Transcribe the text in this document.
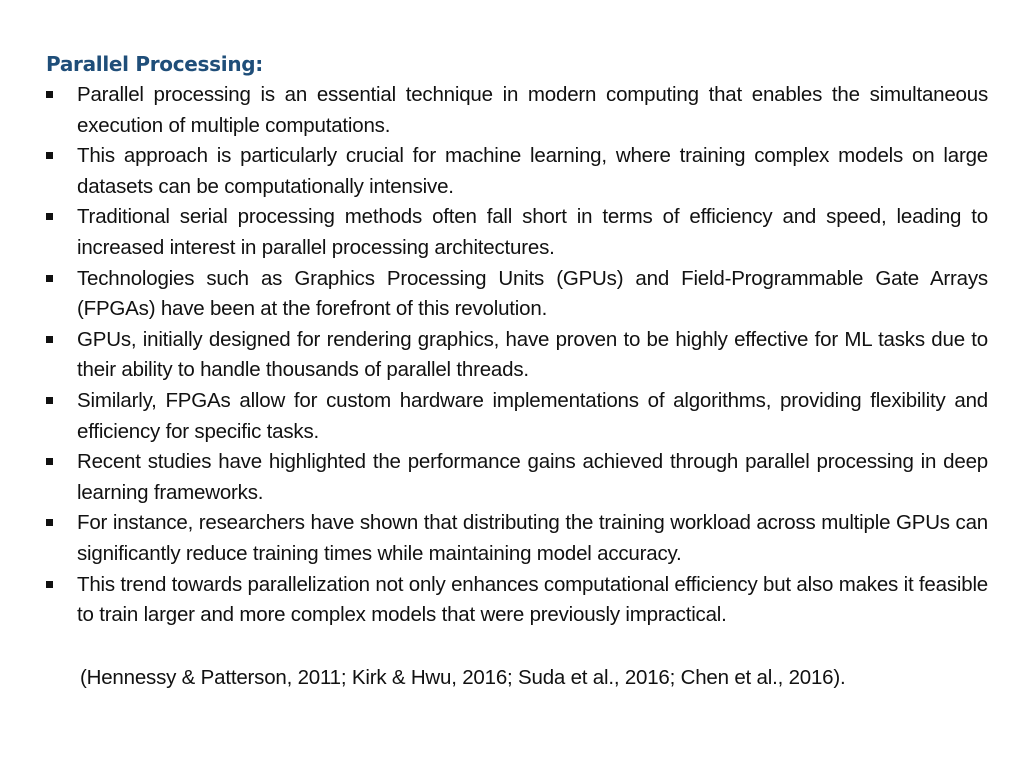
Parallel Processing:
Parallel processing is an essential technique in modern computing that enables the simultaneous execution of multiple computations.
This approach is particularly crucial for machine learning, where training complex models on large datasets can be computationally intensive.
Traditional serial processing methods often fall short in terms of efficiency and speed, leading to increased interest in parallel processing architectures.
Technologies such as Graphics Processing Units (GPUs) and Field-Programmable Gate Arrays (FPGAs) have been at the forefront of this revolution.
GPUs, initially designed for rendering graphics, have proven to be highly effective for ML tasks due to their ability to handle thousands of parallel threads.
Similarly, FPGAs allow for custom hardware implementations of algorithms, providing flexibility and efficiency for specific tasks.
Recent studies have highlighted the performance gains achieved through parallel processing in deep learning frameworks.
For instance, researchers have shown that distributing the training workload across multiple GPUs can significantly reduce training times while maintaining model accuracy.
This trend towards parallelization not only enhances computational efficiency but also makes it feasible to train larger and more complex models that were previously impractical.
(Hennessy & Patterson, 2011; Kirk & Hwu, 2016; Suda et al., 2016; Chen et al., 2016).
